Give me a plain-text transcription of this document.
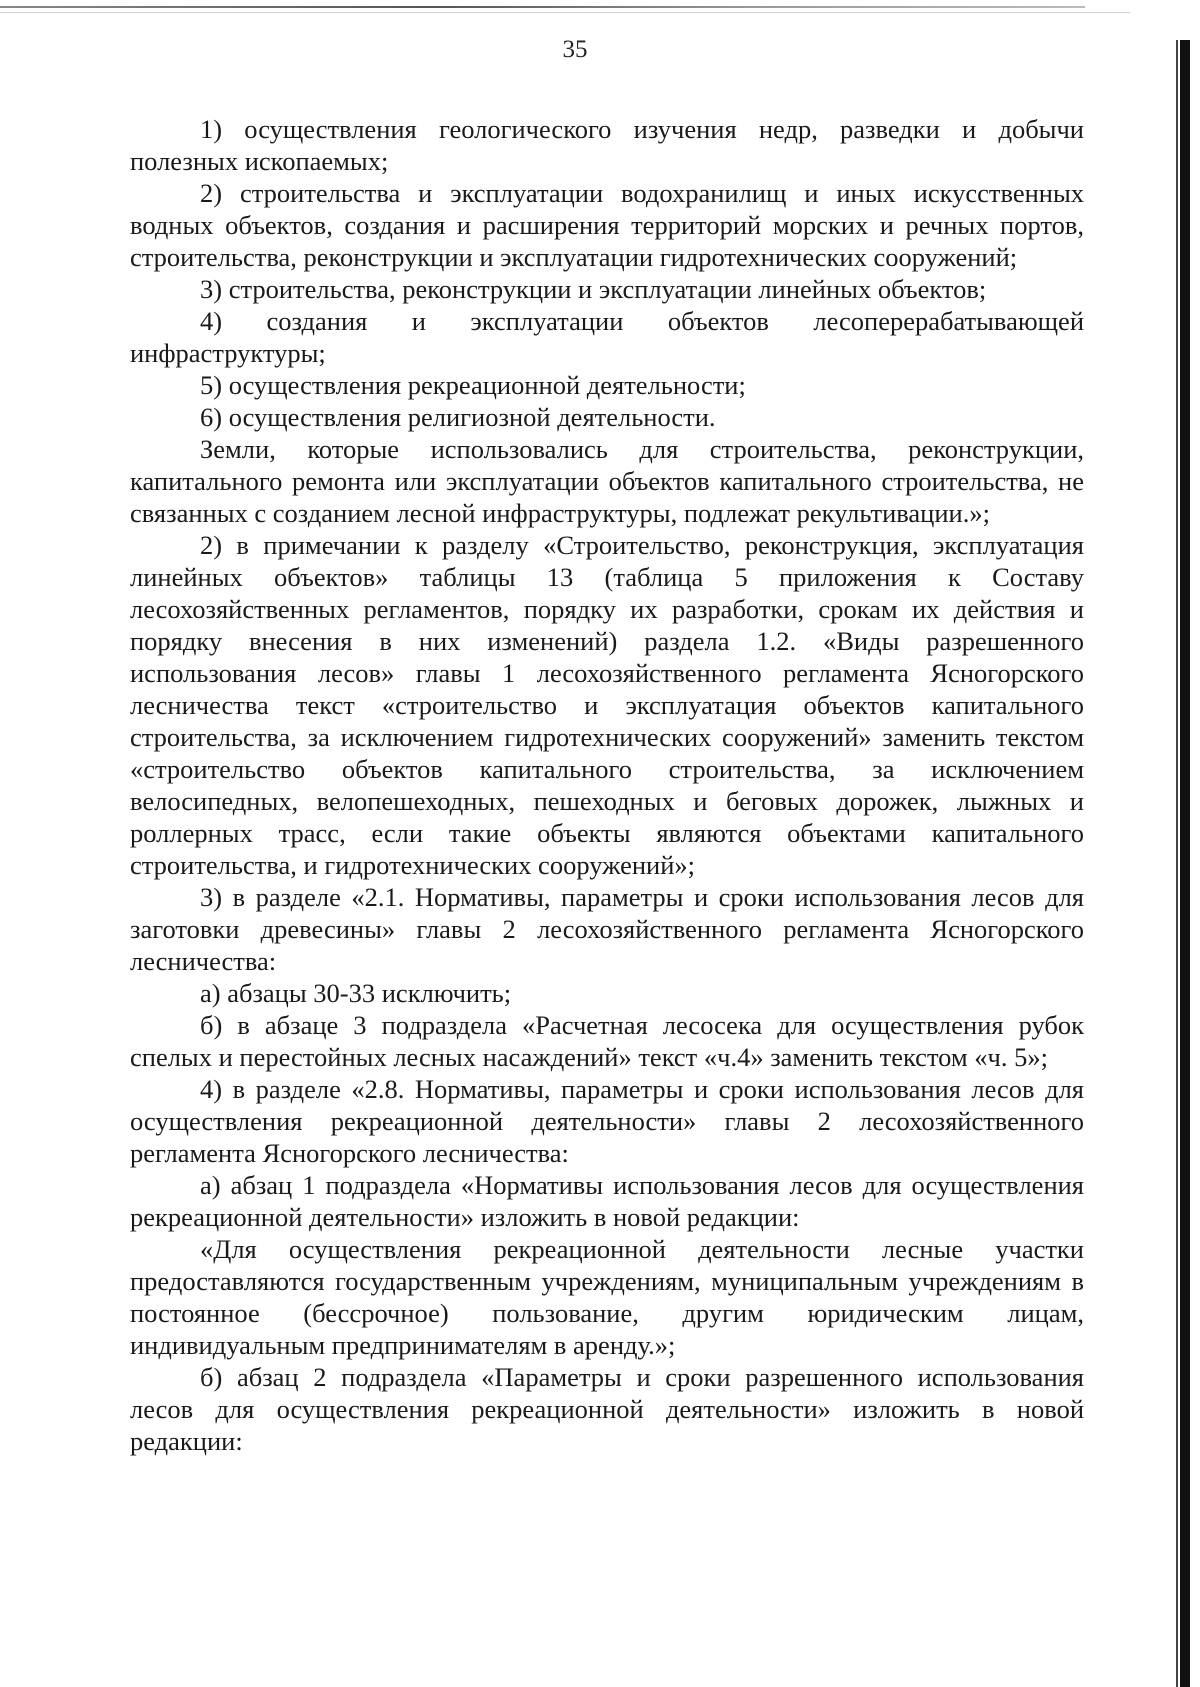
35

1) осуществления геологического изучения недр, разведки и добычи полезных ископаемых;

2) строительства и эксплуатации водохранилищ и иных искусственных водных объектов, создания и расширения территорий морских и речных портов, строительства, реконструкции и эксплуатации гидротехнических сооружений;

3) строительства, реконструкции и эксплуатации линейных объектов;

4) создания и эксплуатации объектов лесоперерабатывающей инфраструктуры;

5) осуществления рекреационной деятельности;

6) осуществления религиозной деятельности.

Земли, которые использовались для строительства, реконструкции, капитального ремонта или эксплуатации объектов капитального строительства, не связанных с созданием лесной инфраструктуры, подлежат рекультивации.»;

2) в примечании к разделу «Строительство, реконструкция, эксплуатация линейных объектов» таблицы 13 (таблица 5 приложения к Составу лесохозяйственных регламентов, порядку их разработки, срокам их действия и порядку внесения в них изменений) раздела 1.2. «Виды разрешенного использования лесов» главы 1 лесохозяйственного регламента Ясногорского лесничества текст «строительство и эксплуатация объектов капитального строительства, за исключением гидротехнических сооружений» заменить текстом «строительство объектов капитального строительства, за исключением велосипедных, велопешеходных, пешеходных и беговых дорожек, лыжных и роллерных трасс, если такие объекты являются объектами капитального строительства, и гидротехнических сооружений»;

3) в разделе «2.1. Нормативы, параметры и сроки использования лесов для заготовки древесины» главы 2 лесохозяйственного регламента Ясногорского лесничества:

а) абзацы 30-33 исключить;

б) в абзаце 3 подраздела «Расчетная лесосека для осуществления рубок спелых и перестойных лесных насаждений» текст «ч.4» заменить текстом «ч. 5»;

4) в разделе «2.8. Нормативы, параметры и сроки использования лесов для осуществления рекреационной деятельности» главы 2 лесохозяйственного регламента Ясногорского лесничества:

а) абзац 1 подраздела «Нормативы использования лесов для осуществления рекреационной деятельности» изложить в новой редакции:

«Для осуществления рекреационной деятельности лесные участки предоставляются государственным учреждениям, муниципальным учреждениям в постоянное (бессрочное) пользование, другим юридическим лицам, индивидуальным предпринимателям в аренду.»;

б) абзац 2 подраздела «Параметры и сроки разрешенного использования лесов для осуществления рекреационной деятельности» изложить в новой редакции:
